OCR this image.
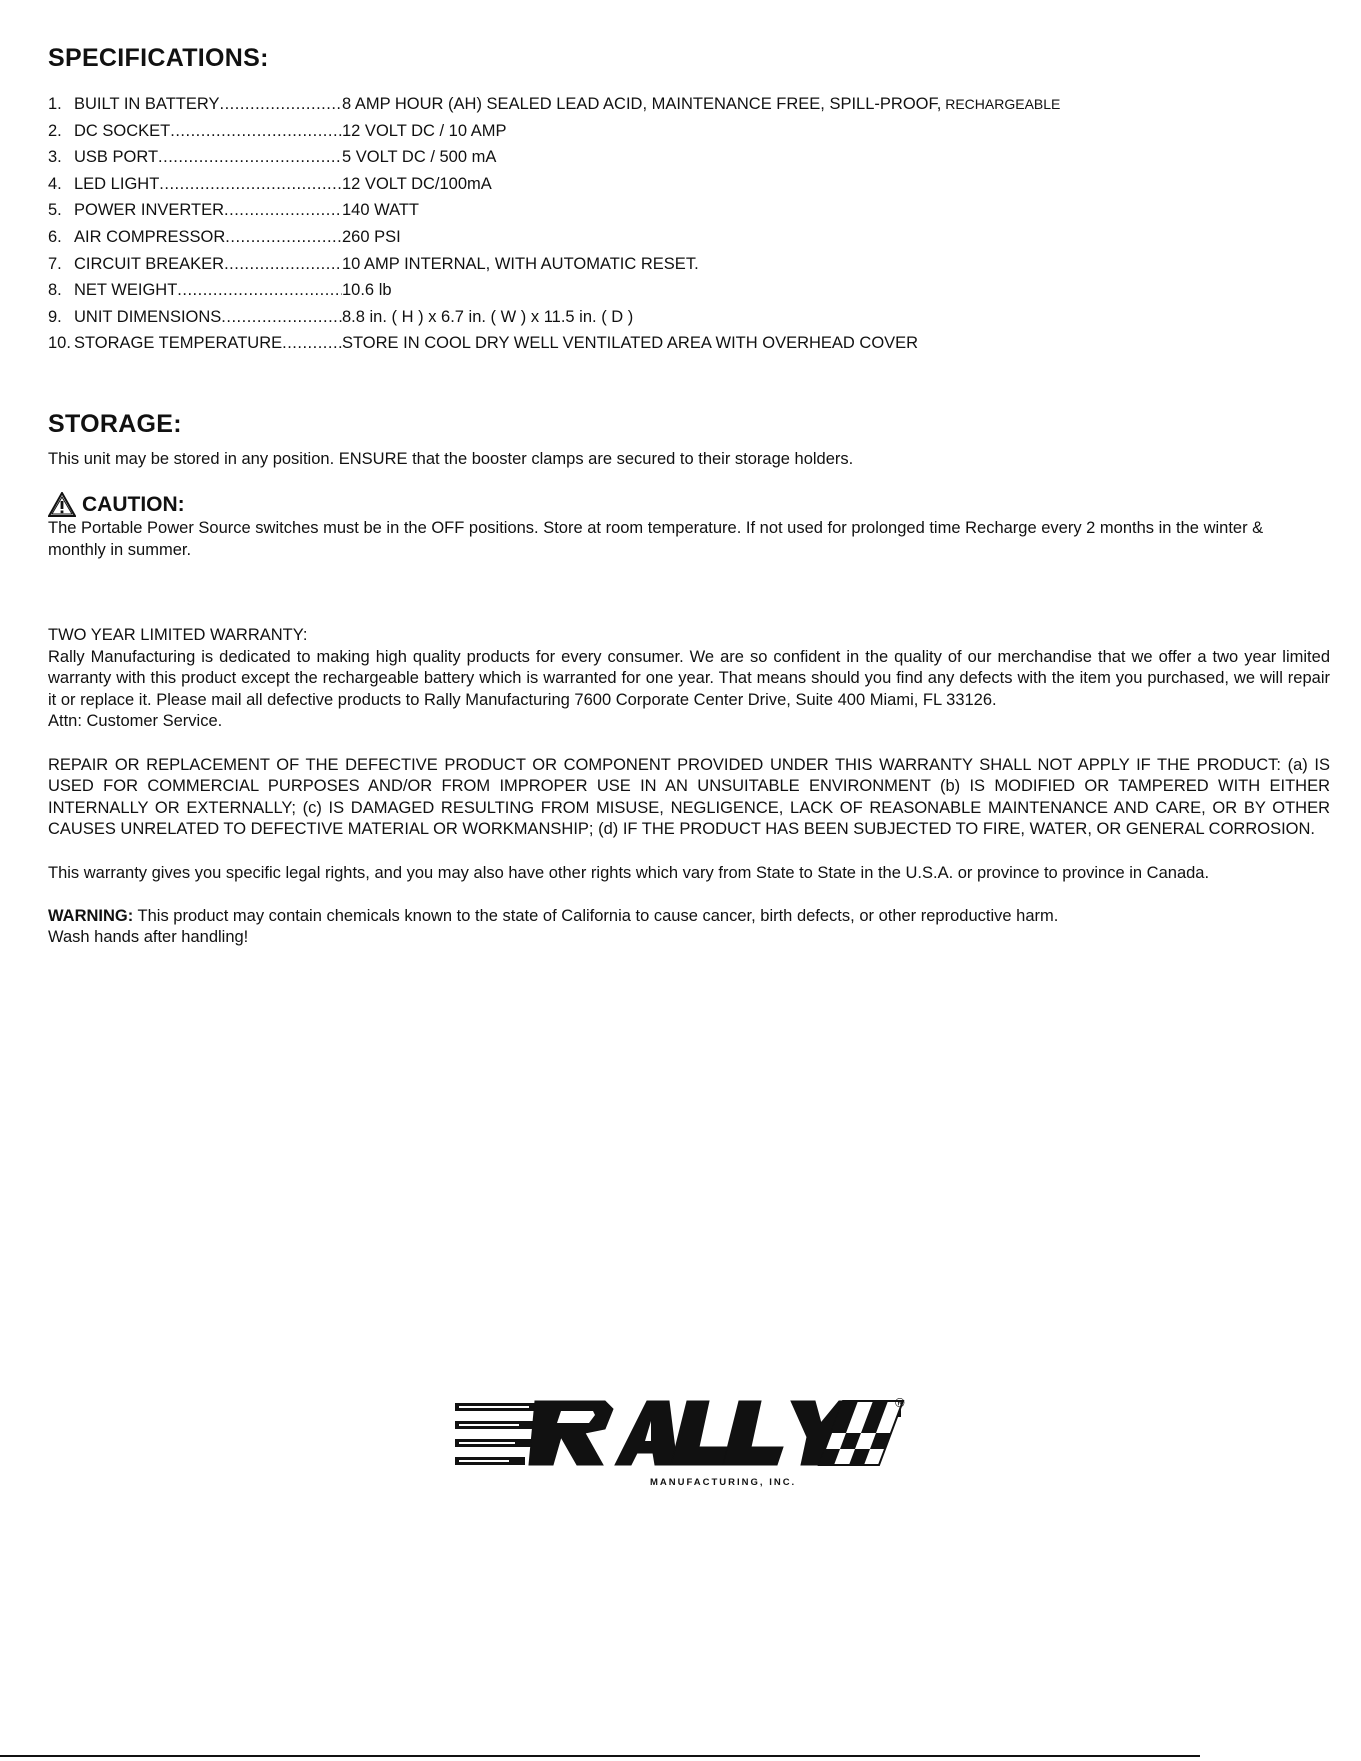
SPECIFICATIONS:
1. BUILT IN BATTERY .....	8 AMP HOUR (AH) SEALED LEAD ACID, MAINTENANCE FREE, SPILL-PROOF, RECHARGEABLE
2. DC SOCKET .....	12 VOLT DC / 10 AMP
3. USB PORT .....	5 VOLT DC / 500 mA
4. LED LIGHT .....	12 VOLT DC/100mA
5. POWER INVERTER .....	140 WATT
6. AIR COMPRESSOR .....	260 PSI
7. CIRCUIT BREAKER .....	10 AMP INTERNAL, WITH AUTOMATIC RESET.
8. NET WEIGHT .....	10.6 lb
9. UNIT DIMENSIONS .....	8.8 in. ( H ) x 6.7 in. ( W ) x 11.5 in. ( D )
10. STORAGE TEMPERATURE .....	STORE IN COOL DRY WELL VENTILATED AREA WITH OVERHEAD COVER
STORAGE:
This unit may be stored in any position. ENSURE that the booster clamps are secured to their storage holders.
CAUTION:
The Portable Power Source switches must be in the OFF positions. Store at room temperature. If not used for prolonged time Recharge every 2 months in the winter & monthly in summer.

TWO YEAR LIMITED WARRANTY:

Rally Manufacturing is dedicated to making high quality products for every consumer. We are so confident in the quality of our merchandise that we offer a two year limited warranty with this product except the rechargeable battery which is warranted for one year. That means should you find any defects with the item you purchased, we will repair it or replace it. Please mail all defective products to Rally Manufacturing 7600 Corporate Center Drive, Suite 400 Miami, FL 33126.

Attn: Customer Service.

REPAIR OR REPLACEMENT OF THE DEFECTIVE PRODUCT OR COMPONENT PROVIDED UNDER THIS WARRANTY SHALL NOT APPLY IF THE PRODUCT: (a) IS USED FOR COMMERCIAL PURPOSES AND/OR FROM IMPROPER USE IN AN UNSUITABLE ENVIRONMENT (b) IS MODIFIED OR TAMPERED WITH EITHER INTERNALLY OR EXTERNALLY; (c) IS DAMAGED RESULTING FROM MISUSE, NEGLIGENCE, LACK OF REASONABLE MAINTENANCE AND CARE, OR BY OTHER CAUSES UNRELATED TO DEFECTIVE MATERIAL OR WORKMANSHIP; (d) IF THE PRODUCT HAS BEEN SUBJECTED TO FIRE, WATER, OR GENERAL CORROSION.

This warranty gives you specific legal rights, and you may also have other rights which vary from State to State in the U.S.A. or province to province in Canada.

WARNING: This product may contain chemicals known to the state of California to cause cancer, birth defects, or other reproductive harm.

Wash hands after handling!

®
MANUFACTURING, INC.
